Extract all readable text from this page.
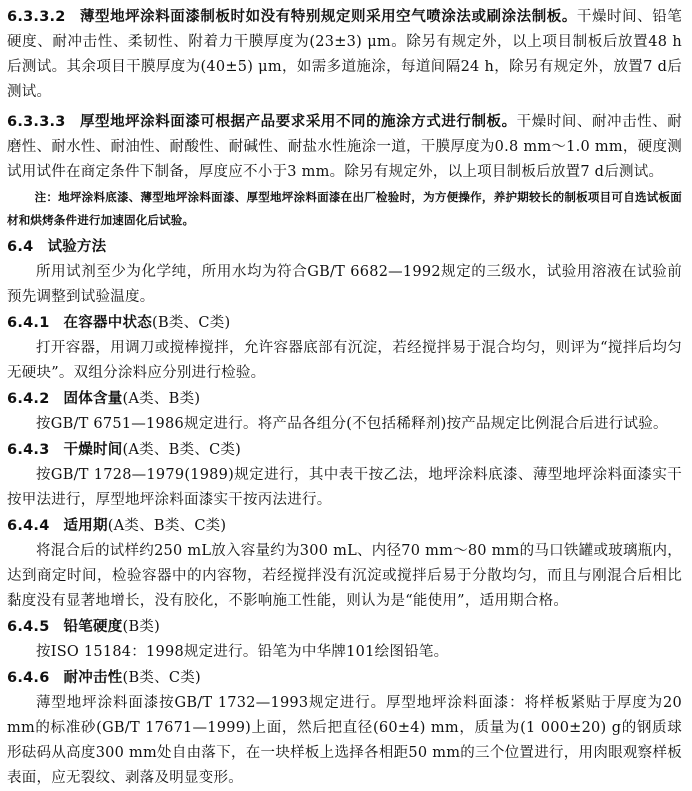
6.3.3.2 薄型地坪涂料面漆制板时如没有特别规定则采用空气喷涂法或刷涂法制板。干燥时间、铅笔硬度、耐冲击性、柔韧性、附着力干膜厚度为(23±3) μm。除另有规定外，以上项目制板后放置48 h后测试。其余项目干膜厚度为(40±5) μm，如需多道施涂，每道间隔24 h，除另有规定外，放置7 d后测试。

6.3.3.3 厚型地坪涂料面漆可根据产品要求采用不同的施涂方式进行制板。干燥时间、耐冲击性、耐磨性、耐水性、耐油性、耐酸性、耐碱性、耐盐水性施涂一道，干膜厚度为0.8 mm～1.0 mm，硬度测试用试件在商定条件下制备，厚度应不小于3 mm。除另有规定外，以上项目制板后放置7 d后测试。

注：地坪涂料底漆、薄型地坪涂料面漆、厚型地坪涂料面漆在出厂检验时，为方便操作，养护期较长的制板项目可自选试板面材和烘烤条件进行加速固化后试验。

6.4 试验方法

所用试剂至少为化学纯，所用水均为符合GB/T 6682—1992规定的三级水，试验用溶液在试验前预先调整到试验温度。

6.4.1 在容器中状态(B类、C类)

打开容器，用调刀或搅棒搅拌，允许容器底部有沉淀，若经搅拌易于混合均匀，则评为“搅拌后均匀无硬块”。双组分涂料应分别进行检验。

6.4.2 固体含量(A类、B类)

按GB/T 6751—1986规定进行。将产品各组分(不包括稀释剂)按产品规定比例混合后进行试验。

6.4.3 干燥时间(A类、B类、C类)

按GB/T 1728—1979(1989)规定进行，其中表干按乙法，地坪涂料底漆、薄型地坪涂料面漆实干按甲法进行，厚型地坪涂料面漆实干按丙法进行。

6.4.4 适用期(A类、B类、C类)

将混合后的试样约250 mL放入容量约为300 mL、内径70 mm～80 mm的马口铁罐或玻璃瓶内，达到商定时间，检验容器中的内容物，若经搅拌没有沉淀或搅拌后易于分散均匀，而且与刚混合后相比黏度没有显著地增长，没有胶化，不影响施工性能，则认为是“能使用”，适用期合格。

6.4.5 铅笔硬度(B类)

按ISO 15184：1998规定进行。铅笔为中华牌101绘图铅笔。

6.4.6 耐冲击性(B类、C类)

薄型地坪涂料面漆按GB/T 1732—1993规定进行。厚型地坪涂料面漆：将样板紧贴于厚度为20 mm的标准砂(GB/T 17671—1999)上面，然后把直径(60±4) mm，质量为(1 000±20) g的钢质球形砝码从高度300 mm处自由落下，在一块样板上选择各相距50 mm的三个位置进行，用肉眼观察样板表面，应无裂纹、剥落及明显变形。
